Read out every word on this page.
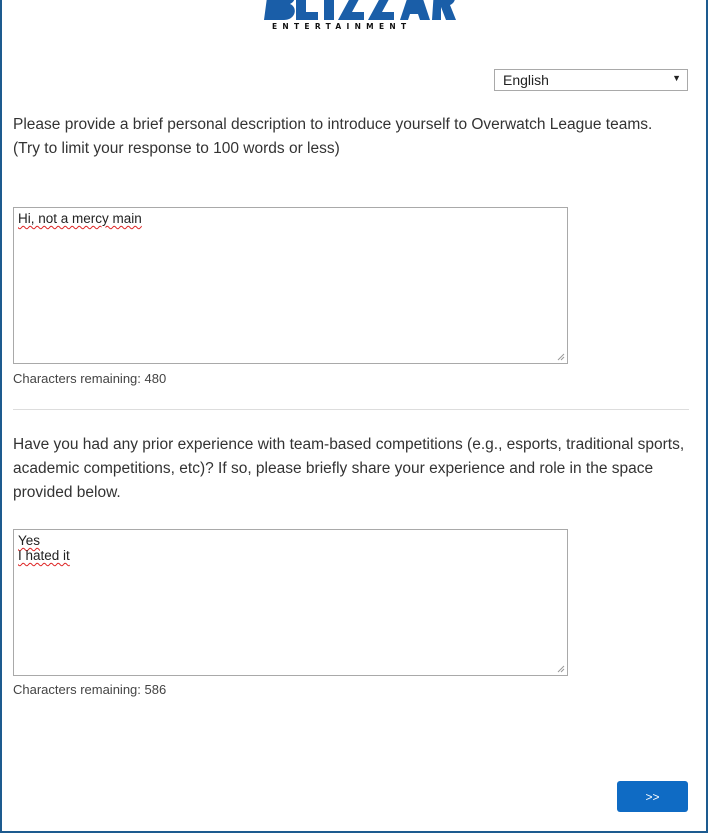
ENTERTAINMENT
English	▼
Please provide a brief personal description to introduce yourself to Overwatch League teams.
(Try to limit your response to 100 words or less)
Hi, not a mercy main
Characters remaining: 480
Have you had any prior experience with team-based competitions (e.g., esports, traditional sports, academic competitions, etc)? If so, please briefly share your experience and role in the space provided below.
Yes
I hated it
Characters remaining: 586
>>
